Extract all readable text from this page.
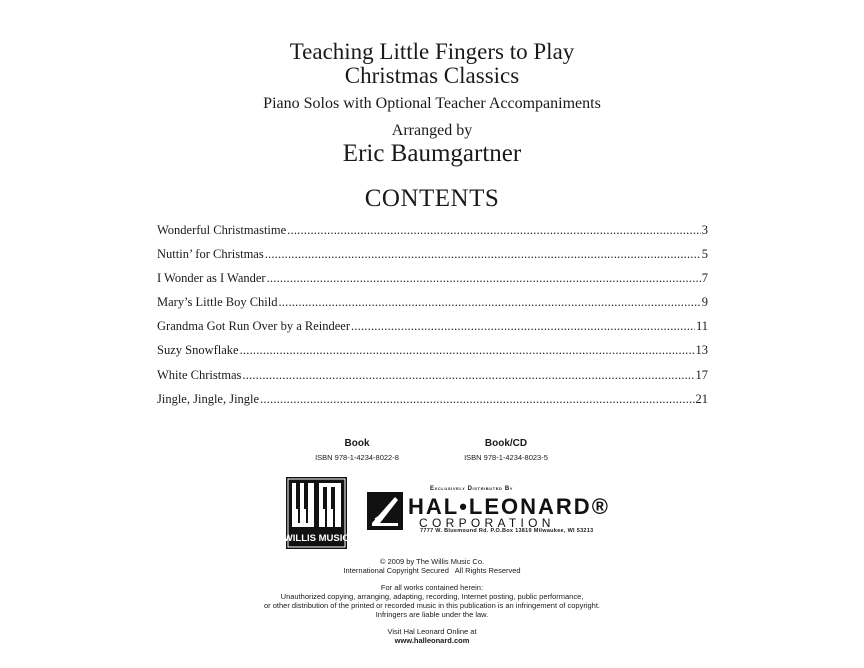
Teaching Little Fingers to Play
Christmas Classics
Piano Solos with Optional Teacher Accompaniments
Arranged by
Eric Baumgartner
CONTENTS
Wonderful Christmastime .....	3
Nuttin’ for Christmas .....	5
I Wonder as I Wander .....	7
Mary’s Little Boy Child .....	9
Grandma Got Run Over by a Reindeer .....	11
Suzy Snowflake .....	13
White Christmas .....	17
Jingle, Jingle, Jingle .....	21
Book
ISBN 978-1-4234-8022-8
Book/CD
ISBN 978-1-4234-8023-5
WILLIS MUSIC
Exclusively Distributed By
HAL•LEONARD®
CORPORATION
7777 W. Bluemound Rd. P.O.Box 13819 Milwaukee, WI 53213
© 2009 by The Willis Music Co.
International Copyright Secured   All Rights Reserved
For all works contained herein:
Unauthorized copying, arranging, adapting, recording, Internet posting, public performance,
or other distribution of the printed or recorded music in this publication is an infringement of copyright.
Infringers are liable under the law.
Visit Hal Leonard Online at
www.halleonard.com
